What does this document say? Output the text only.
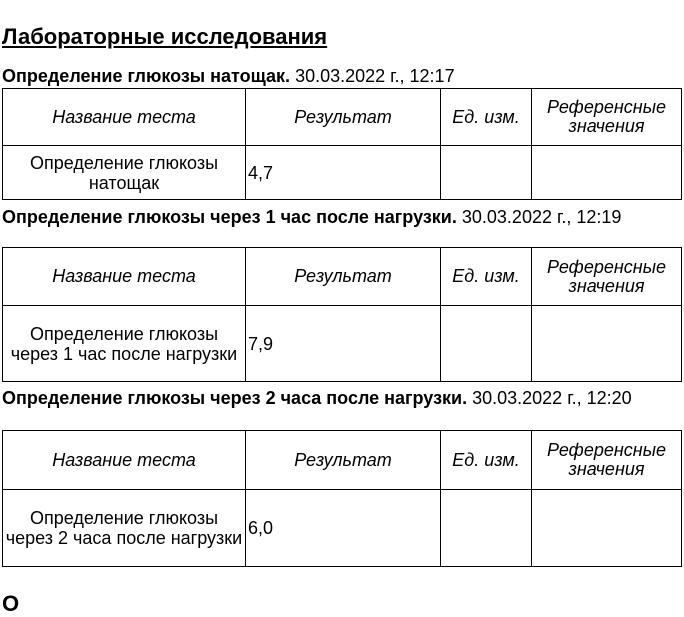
Лабораторные исследования
Определение глюкозы натощак. 30.03.2022 г., 12:17
Название теста	Результат	Ед. изм.	Референсные значения
Определение глюкозы натощак	4,7		
Определение глюкозы через 1 час после нагрузки. 30.03.2022 г., 12:19
Название теста	Результат	Ед. изм.	Референсные значения
Определение глюкозы через 1 час после нагрузки	7,9		
Определение глюкозы через 2 часа после нагрузки. 30.03.2022 г., 12:20
Название теста	Результат	Ед. изм.	Референсные значения
Определение глюкозы через 2 часа после нагрузки	6,0		
О
